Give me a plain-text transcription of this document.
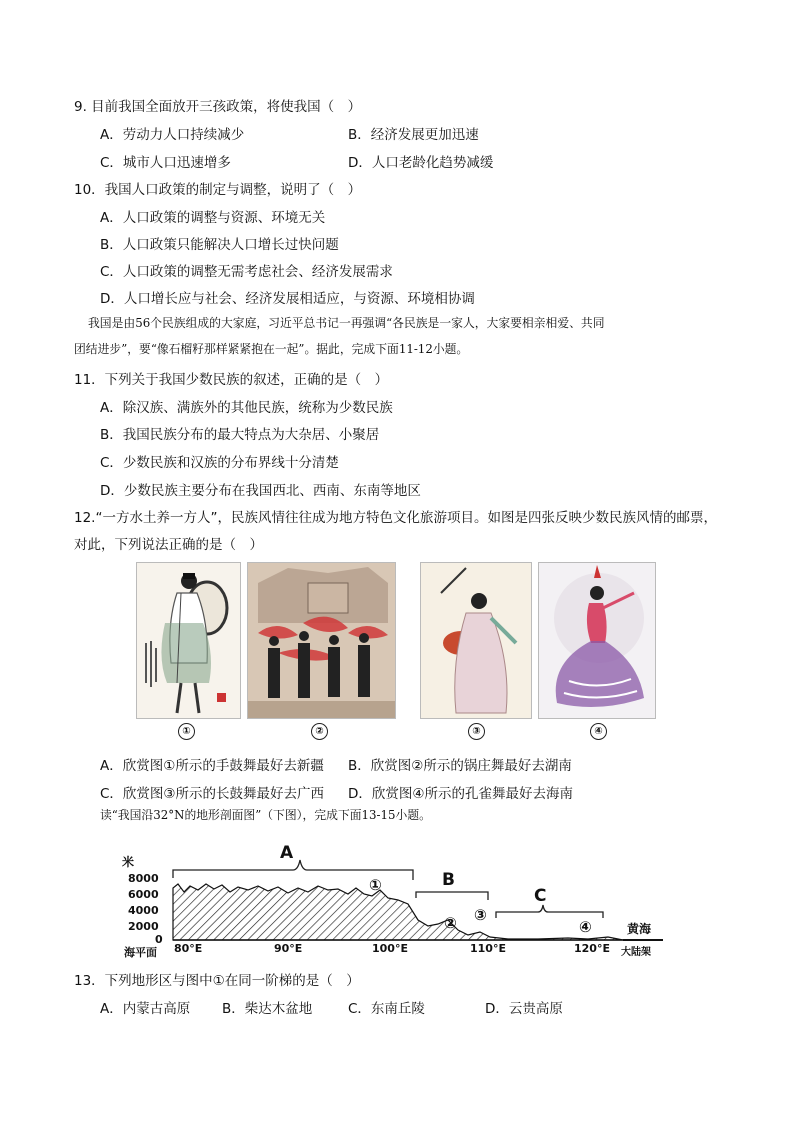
9. 目前我国全面放开三孩政策，将使我国（　）
A．劳动力人口持续减少	B．经济发展更加迅速
C．城市人口迅速增多	D．人口老龄化趋势减缓
10．我国人口政策的制定与调整，说明了（　）
A．人口政策的调整与资源、环境无关
B．人口政策只能解决人口增长过快问题
C．人口政策的调整无需考虑社会、经济发展需求
D．人口增长应与社会、经济发展相适应，与资源、环境相协调
我国是由56个民族组成的大家庭，习近平总书记一再强调“各民族是一家人，大家要相亲相爱、共同
团结进步”，要“像石榴籽那样紧紧抱在一起”。据此，完成下面11-12小题。
11．下列关于我国少数民族的叙述，正确的是（　）
A．除汉族、满族外的其他民族，统称为少数民族
B．我国民族分布的最大特点为大杂居、小聚居
C．少数民族和汉族的分布界线十分清楚
D．少数民族主要分布在我国西北、西南、东南等地区
12.“一方水土养一方人”，民族风情往往成为地方特色文化旅游项目。如图是四张反映少数民族风情的邮票，
对此，下列说法正确的是（　）
①	②	③	④
A．欣赏图①所示的手鼓舞最好去新疆 B．欣赏图②所示的锅庄舞最好去湖南
C．欣赏图③所示的长鼓舞最好去广西 D．欣赏图④所示的孔雀舞最好去海南
读“我国沿32°N的地形剖面图”（下图），完成下面13-15小题。
米
8000
6000
4000
2000
0
海平面 80°E	90°E	100°E	110°E	120°E
A
B
C
①
② ③
④	黄海
大陆架
13．下列地形区与图中①在同一阶梯的是（　）
A．内蒙古高原 B．柴达木盆地	C．东南丘陵	D．云贵高原
